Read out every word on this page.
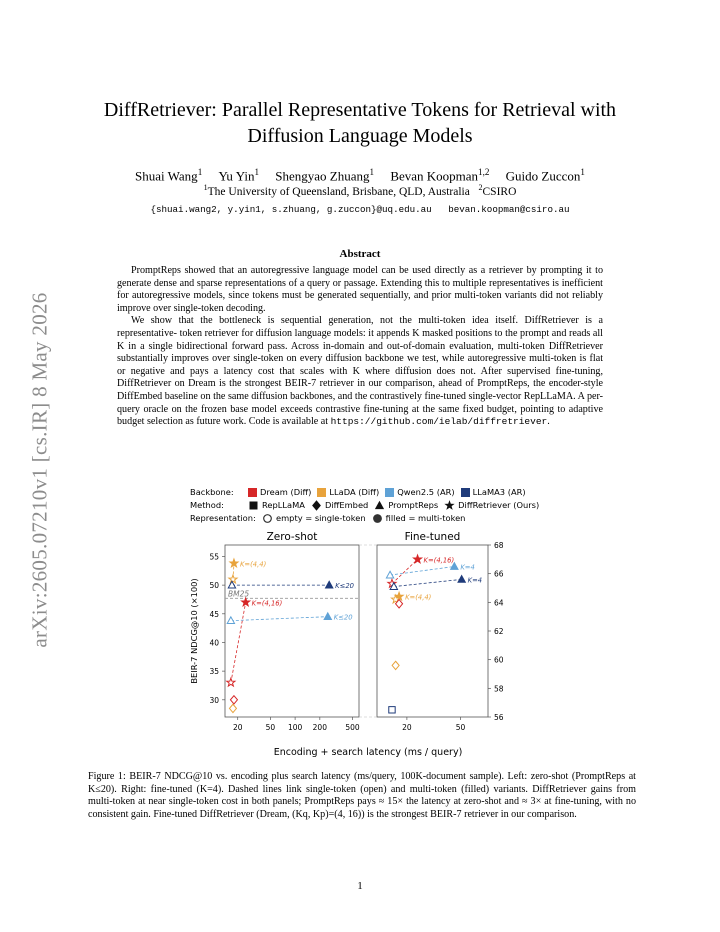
arXiv:2605.07210v1 [cs.IR] 8 May 2026
DiffRetriever: Parallel Representative Tokens for Retrieval with
Diffusion Language Models
Shuai Wang$^1$ Yu Yin$^1$ Shengyao Zhuang$^1$ Bevan Koopman$^{1,2}$ Guido Zuccon$^1$
$^1$The University of Queensland, Brisbane, QLD, Australia $^2$CSIRO
{shuai.wang2, y.yin1, s.zhuang, g.zuccon}@uq.edu.au   bevan.koopman@csiro.au
Abstract

PromptReps showed that an autoregressive language model can be used directly as a retriever by prompting it to generate dense and sparse representations of a query or passage. Extending this to multiple representatives is inefficient for autoregressive models, since tokens must be generated sequentially, and prior multi-token variants did not reliably improve over single-token decoding.

We show that the bottleneck is sequential generation, not the multi-token idea itself. DiffRetriever is a representative- token retriever for diffusion language models: it appends K masked positions to the prompt and reads all K in a single bidirectional forward pass. Across in-domain and out-of-domain evaluation, multi-token DiffRetriever substantially improves over single-token on every diffusion backbone we test, while autoregressive multi-token is flat or negative and pays a latency cost that scales with K where diffusion does not. After supervised fine-tuning, DiffRetriever on Dream is the strongest BEIR-7 retriever in our comparison, ahead of PromptReps, the encoder-style DiffEmbed baseline on the same diffusion backbones, and the contrastively fine-tuned single-vector RepLLaMA. A per-query oracle on the frozen base model exceeds contrastive fine-tuning at the same fixed budget, pointing to adaptive budget selection as future work. Code is available at https://github.com/ielab/diffretriever.

Backbone:	Dream (Diff) LLaDA (Diff) Qwen2.5 (AR) LLaMA3 (AR)
Method:	RepLLaMA DiffEmbed PromptReps DiffRetriever (Ours)
Representation:	empty = single-token filled = multi-token
Zero-shot
30
35
40
45
50
55
20	50 100 200 500
BM25
K=(4,4)
K≤20
K=(4,16)
K≤20
Fine-tuned
56
58
60
62
64
66
68
20	50
K=(4,16)
K=4
K=4
K=(4,4)
BEIR-7 NDCG@10 (×100)
Encoding + search latency (ms / query)
Figure 1: BEIR-7 NDCG@10 vs. encoding plus search latency (ms/query, 100K-document sample). Left: zero-shot (PromptReps at K≤20). Right: fine-tuned (K=4). Dashed lines link single-token (open) and multi-token (filled) variants. DiffRetriever gains from multi-token at near single-token cost in both panels; PromptReps pays ≈ 15× the latency at zero-shot and ≈ 3× at fine-tuning, with no consistent gain. Fine-tuned DiffRetriever (Dream, (Kq, Kp)=(4, 16)) is the strongest BEIR-7 retriever in our comparison.
1
